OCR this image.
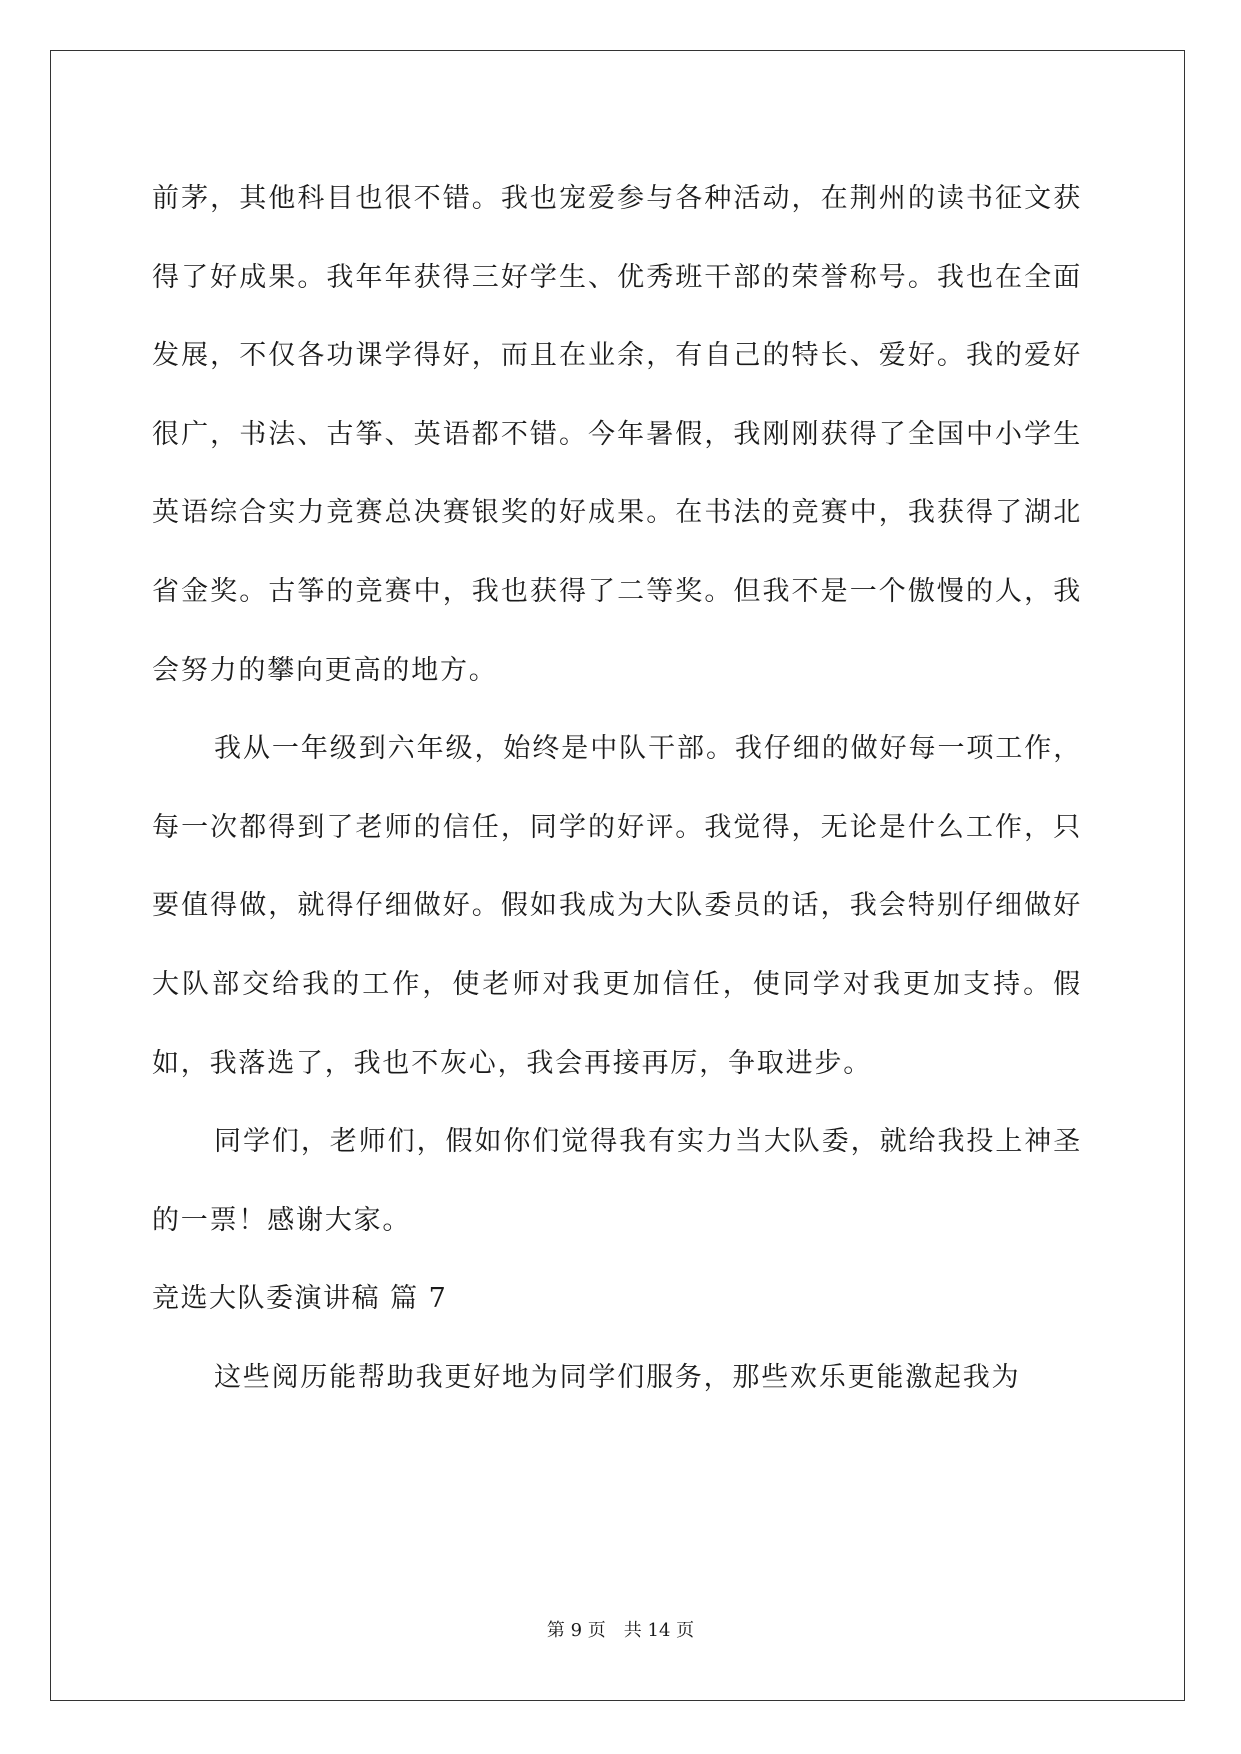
前茅，其他科目也很不错。我也宠爱参与各种活动，在荆州的读书征文获得了好成果。我年年获得三好学生、优秀班干部的荣誉称号。我也在全面发展，不仅各功课学得好，而且在业余，有自己的特长、爱好。我的爱好很广，书法、古筝、英语都不错。今年暑假，我刚刚获得了全国中小学生英语综合实力竞赛总决赛银奖的好成果。在书法的竞赛中，我获得了湖北省金奖。古筝的竞赛中，我也获得了二等奖。但我不是一个傲慢的人，我会努力的攀向更高的地方。

我从一年级到六年级，始终是中队干部。我仔细的做好每一项工作，每一次都得到了老师的信任，同学的好评。我觉得，无论是什么工作，只要值得做，就得仔细做好。假如我成为大队委员的话，我会特别仔细做好大队部交给我的工作，使老师对我更加信任，使同学对我更加支持。假如，我落选了，我也不灰心，我会再接再厉，争取进步。

同学们，老师们，假如你们觉得我有实力当大队委，就给我投上神圣的一票！感谢大家。

竞选大队委演讲稿 篇 7

这些阅历能帮助我更好地为同学们服务，那些欢乐更能激起我为

第 9 页　共 14 页
